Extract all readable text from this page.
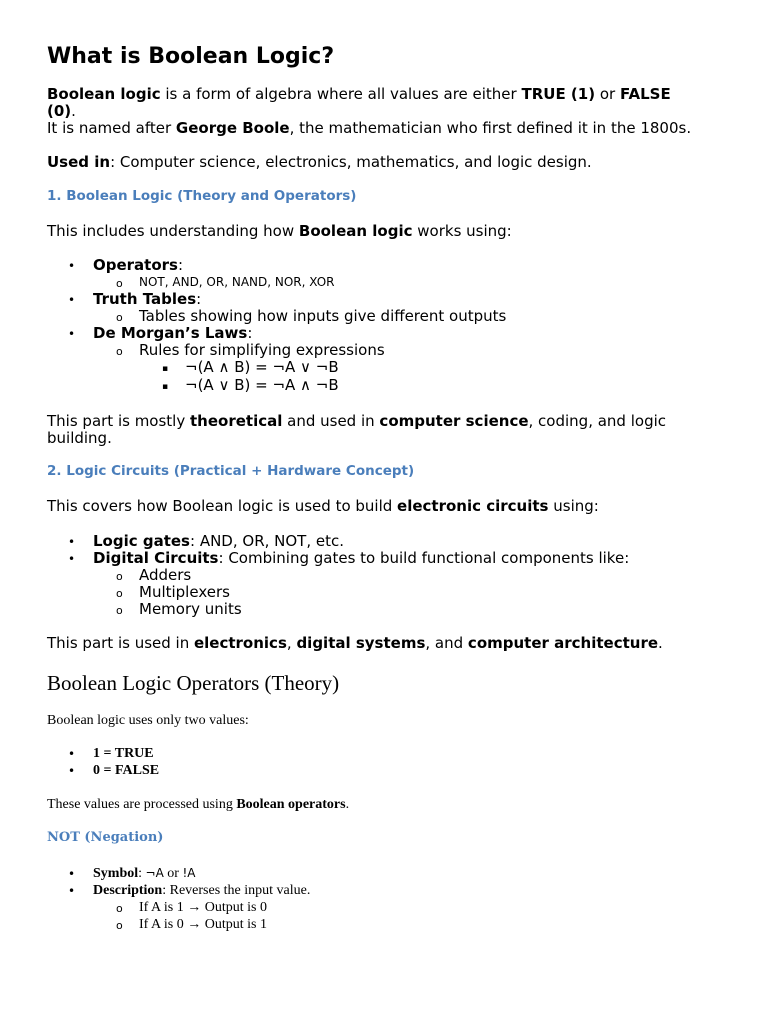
What is Boolean Logic?
Boolean logic is a form of algebra where all values are either TRUE (1) or FALSE
(0).
It is named after George Boole, the mathematician who first defined it in the 1800s.
Used in: Computer science, electronics, mathematics, and logic design.
1. Boolean Logic (Theory and Operators)
This includes understanding how Boolean logic works using:
• Operators:
o NOT, AND, OR, NAND, NOR, XOR
• Truth Tables:
o Tables showing how inputs give different outputs
• De Morgan’s Laws:
o Rules for simplifying expressions
▪ ¬(A ∧ B) = ¬A ∨ ¬B
▪ ¬(A ∨ B) = ¬A ∧ ¬B
This part is mostly theoretical and used in computer science, coding, and logic
building.
2. Logic Circuits (Practical + Hardware Concept)
This covers how Boolean logic is used to build electronic circuits using:
• Logic gates: AND, OR, NOT, etc.
• Digital Circuits: Combining gates to build functional components like:
o Adders
o Multiplexers
o Memory units
This part is used in electronics, digital systems, and computer architecture.
Boolean Logic Operators (Theory)
Boolean logic uses only two values:
• 1 = TRUE
• 0 = FALSE
These values are processed using Boolean operators.
NOT (Negation)
• Symbol: ¬A or !A
• Description: Reverses the input value.
o If A is 1 → Output is 0
o If A is 0 → Output is 1
